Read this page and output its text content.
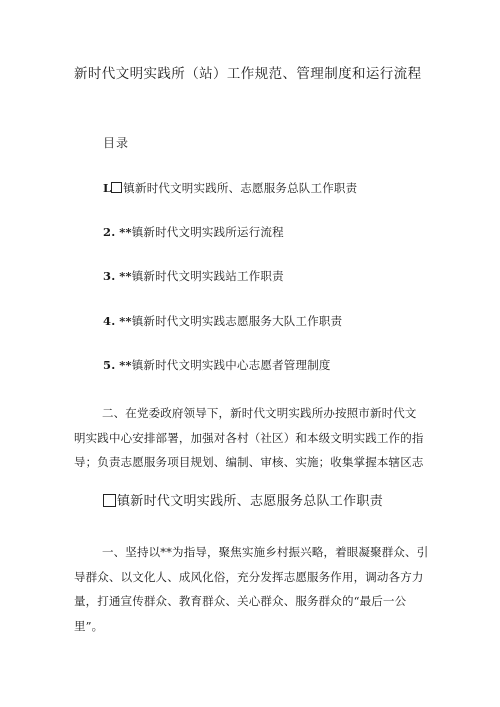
新时代文明实践所（站）工作规范、管理制度和运行流程
目录
L 镇新时代文明实践所、志愿服务总队工作职责
2. **镇新时代文明实践所运行流程
3. **镇新时代文明实践站工作职责
4. **镇新时代文明实践志愿服务大队工作职责
5. **镇新时代文明实践中心志愿者管理制度
二、在党委政府领导下，新时代文明实践所办按照市新时代文
明实践中心安排部署，加强对各村（社区）和本级文明实践工作的指
导；负责志愿服务项目规划、编制、审核、实施；收集掌握本辖区志
镇新时代文明实践所、志愿服务总队工作职责
一、坚持以**为指导，聚焦实施乡村振兴略，着眼凝聚群众、引
导群众、以文化人、成风化俗，充分发挥志愿服务作用，调动各方力
量，打通宣传群众、教育群众、关心群众、服务群众的“最后一公
里”。
